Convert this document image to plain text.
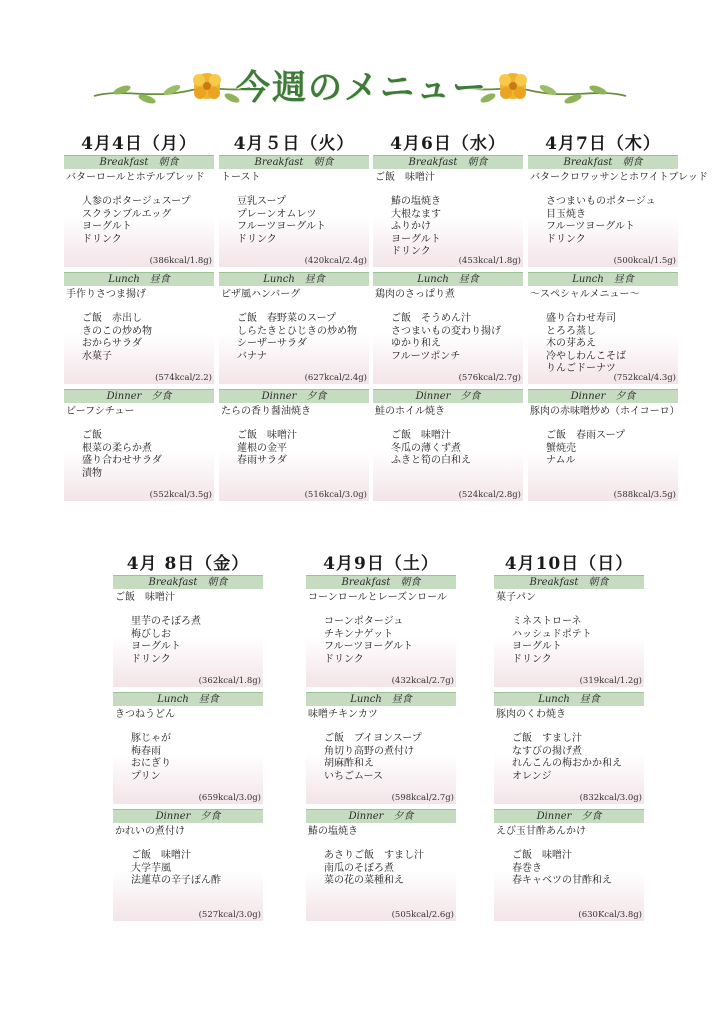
今週のメニュー
4月4日（月）
Breakfast　朝食
バターロールとホテルブレッド
人参のポタージュスープ
スクランブルエッグ
ヨーグルト
ドリンク
(386kcal/1.8g)
Lunch　昼食
手作りさつま揚げ
ご飯　赤出し
きのこの炒め物
おからサラダ
水菓子
(574kcal/2.2)
Dinner　夕食
ビーフシチュー
ご飯
根菜の柔らか煮
盛り合わせサラダ
漬物
(552kcal/3.5g)
4月５日（火）
Breakfast　朝食
トースト
豆乳スープ
プレーンオムレツ
フルーツヨーグルト
ドリンク
(420kcal/2.4g)
Lunch　昼食
ピザ風ハンバーグ
ご飯　春野菜のスープ
しらたきとひじきの炒め物
シーザーサラダ
バナナ
(627kcal/2.4g)
Dinner　夕食
たらの香り醤油焼き
ご飯　味噌汁
蓮根の金平
春雨サラダ
(516kcal/3.0g)
4月6日（水）
Breakfast　朝食
ご飯　味噌汁
鰆の塩焼き
大根なます
ふりかけ
ヨーグルト
ドリンク
(453kcal/1.8g)
Lunch　昼食
鶏肉のさっぱり煮
ご飯　そうめん汁
さつまいもの変わり揚げ
ゆかり和え
フルーツポンチ
(576kcal/2.7g)
Dinner　夕食
鮭のホイル焼き
ご飯　味噌汁
冬瓜の薄くず煮
ふきと筍の白和え
(524kcal/2.8g)
4月7日（木）
Breakfast　朝食
バタークロワッサンとホワイトブレッド
さつまいものポタージュ
目玉焼き
フルーツヨーグルト
ドリンク
(500kcal/1.5g)
Lunch　昼食
～スペシャルメニュー～
盛り合わせ寿司
とろろ蒸し
木の芽あえ
冷やしわんこそば
りんごドーナツ
(752kcal/4.3g)
Dinner　夕食
豚肉の赤味噌炒め（ホイコーロ）
ご飯　春雨スープ
蟹焼売
ナムル
(588kcal/3.5g)
4月 8日（金）
Breakfast　朝食
ご飯　味噌汁
里芋のそぼろ煮
梅びしお
ヨーグルト
ドリンク
(362kcal/1.8g)
Lunch　昼食
きつねうどん
豚じゃが
梅春雨
おにぎり
プリン
(659kcal/3.0g)
Dinner　夕食
かれいの煮付け
ご飯　味噌汁
大学芋風
法蓮草の辛子ぽん酢
(527kcal/3.0g)
4月9日（土）
Breakfast　朝食
コーンロールとレーズンロール
コーンポタージュ
チキンナゲット
フルーツヨーグルト
ドリンク
(432kcal/2.7g)
Lunch　昼食
味噌チキンカツ
ご飯　ブイヨンスープ
角切り高野の煮付け
胡麻酢和え
いちごムース
(598kcal/2.7g)
Dinner　夕食
鰆の塩焼き
あさりご飯　すまし汁
南瓜のそぼろ煮
菜の花の菜種和え
(505kcal/2.6g)
4月10日（日）
Breakfast　朝食
菓子パン
ミネストローネ
ハッシュドポテト
ヨーグルト
ドリンク
(319kcal/1.2g)
Lunch　昼食
豚肉のくわ焼き
ご飯　すまし汁
なすびの揚げ煮
れんこんの梅おかか和え
オレンジ
(832kcal/3.0g)
Dinner　夕食
えび玉甘酢あんかけ
ご飯　味噌汁
春巻き
春キャベツの甘酢和え
(630Kcal/3.8g)
